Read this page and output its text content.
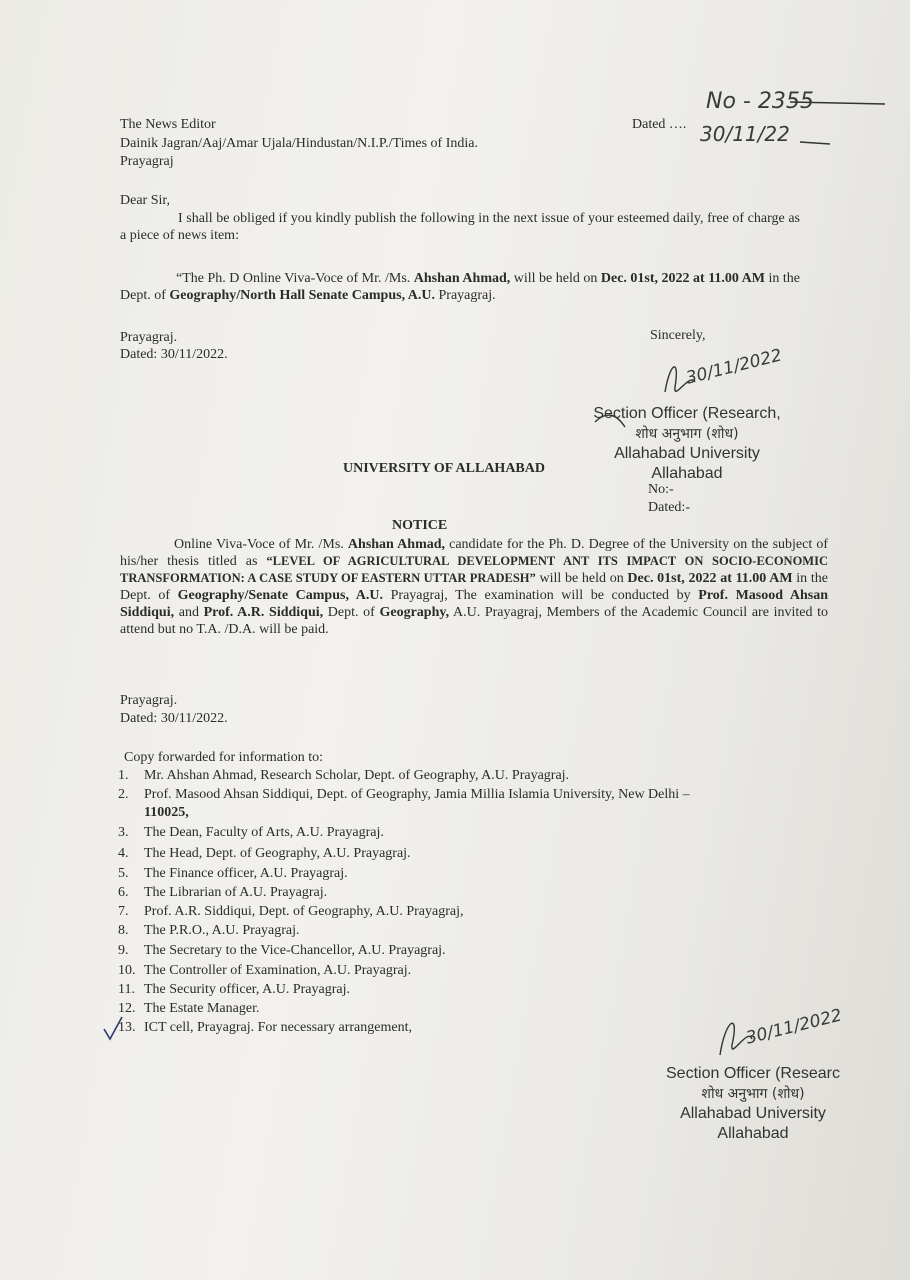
The News Editor
Dainik Jagran/Aaj/Amar Ujala/Hindustan/N.I.P./Times of India.
Prayagraj
Dated ….
No - 2355
30/11/22
Dear Sir,
I shall be obliged if you kindly publish the following in the next issue of your esteemed daily, free of charge as a piece of news item:
“The Ph. D Online Viva-Voce of Mr. /Ms. Ahshan Ahmad, will be held on Dec. 01st, 2022 at 11.00 AM in the Dept. of Geography/North Hall Senate Campus, A.U. Prayagraj.
Prayagraj.
Dated: 30/11/2022.
Sincerely,
30/11/2022
Section Officer (Research,
शोध अनुभाग (शोध)
Allahabad University
Allahabad
UNIVERSITY OF ALLAHABAD
No:-
Dated:-
NOTICE
Online Viva-Voce of Mr. /Ms. Ahshan Ahmad, candidate for the Ph. D. Degree of the University on the subject of his/her thesis titled as “LEVEL OF AGRICULTURAL DEVELOPMENT ANT ITS IMPACT ON SOCIO-ECONOMIC TRANSFORMATION: A CASE STUDY OF EASTERN UTTAR PRADESH” will be held on Dec. 01st, 2022 at 11.00 AM in the Dept. of Geography/Senate Campus, A.U. Prayagraj, The examination will be conducted by Prof. Masood Ahsan Siddiqui, and Prof. A.R. Siddiqui, Dept. of Geography, A.U. Prayagraj, Members of the Academic Council are invited to attend but no T.A. /D.A. will be paid.
Prayagraj.
Dated: 30/11/2022.
Copy forwarded for information to:
1. Mr. Ahshan Ahmad, Research Scholar, Dept. of Geography, A.U. Prayagraj.
2. Prof. Masood Ahsan Siddiqui, Dept. of Geography, Jamia Millia Islamia University, New Delhi –
110025,
3. The Dean, Faculty of Arts, A.U. Prayagraj.
4. The Head, Dept. of Geography, A.U. Prayagraj.
5. The Finance officer, A.U. Prayagraj.
6. The Librarian of A.U. Prayagraj.
7. Prof. A.R. Siddiqui, Dept. of Geography, A.U. Prayagraj,
8. The P.R.O., A.U. Prayagraj.
9. The Secretary to the Vice-Chancellor, A.U. Prayagraj.
10. The Controller of Examination, A.U. Prayagraj.
11. The Security officer, A.U. Prayagraj.
12. The Estate Manager.
13. ICT cell, Prayagraj. For necessary arrangement,	30/11/2022
Section Officer (Researc
शोध अनुभाग (शोध)
Allahabad University
Allahabad
